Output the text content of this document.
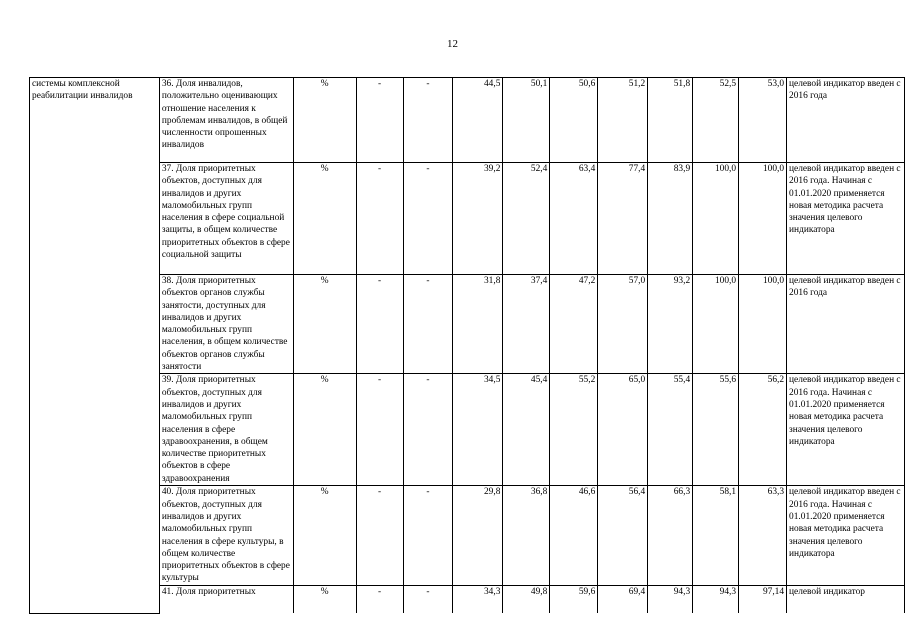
12
системы комплексной реабилитации инвалидов	36. Доля инвалидов, положительно оценивающих отношение населения к проблемам инвалидов, в общей численности опрошенных инвалидов	%	-	-	44,5	50,1	50,6	51,2	51,8	52,5	53,0	целевой индикатор введен с 2016 года
	37. Доля приоритетных объектов, доступных для инвалидов и других маломобильных групп населения в сфере социальной защиты, в общем количестве приоритетных объектов в сфере социальной защиты	%	-	-	39,2	52,4	63,4	77,4	83,9	100,0	100,0	целевой индикатор введен с 2016 года. Начиная с 01.01.2020 применяется новая методика расчета значения целевого индикатора
	38. Доля приоритетных объектов органов службы занятости, доступных для инвалидов и других маломобильных групп населения, в общем количестве объектов органов службы занятости	%	-	-	31,8	37,4	47,2	57,0	93,2	100,0	100,0	целевой индикатор введен с 2016 года
	39. Доля приоритетных объектов, доступных для инвалидов и других маломобильных групп населения в сфере здравоохранения, в общем количестве приоритетных объектов в сфере здравоохранения	%	-	-	34,5	45,4	55,2	65,0	55,4	55,6	56,2	целевой индикатор введен с 2016 года. Начиная с 01.01.2020 применяется новая методика расчета значения целевого индикатора
	40. Доля приоритетных объектов, доступных для инвалидов и других маломобильных групп населения в сфере культуры, в общем количестве приоритетных объектов в сфере культуры	%	-	-	29,8	36,8	46,6	56,4	66,3	58,1	63,3	целевой индикатор введен с 2016 года. Начиная с 01.01.2020 применяется новая методика расчета значения целевого индикатора
	41. Доля приоритетных	%	-	-	34,3	49,8	59,6	69,4	94,3	94,3	97,14	целевой индикатор
